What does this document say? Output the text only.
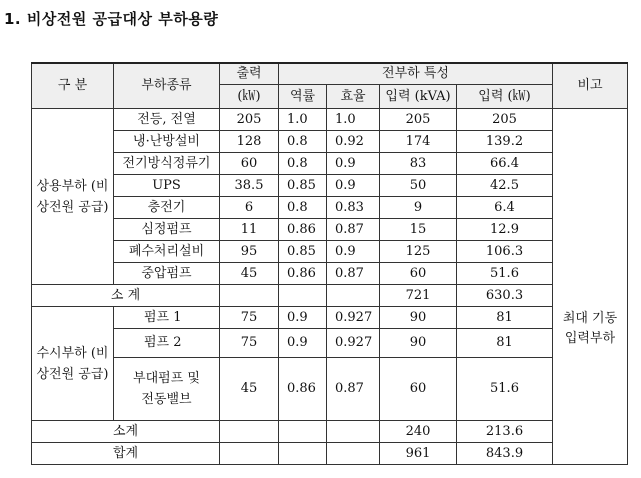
1. 비상전원 공급대상 부하용량
구 분	부하종류	출력	전부하 특성				비고
		(㎾)	역률	효율	입력 (kVA)	입력 (㎾)	
상용부하 (비상전원 공급)	전등, 전열	205	1.0	1.0	205	205	최대 기동 입력부하
	냉·난방설비	128	0.8	0.92	174	139.2	
	전기방식정류기	60	0.8	0.9	83	66.4	
	UPS	38.5	0.85	0.9	50	42.5	
	충전기	6	0.8	0.83	9	6.4	
	심정펌프	11	0.86	0.87	15	12.9	
	폐수처리설비	95	0.85	0.9	125	106.3	
	중압펌프	45	0.86	0.87	60	51.6	
소 계					721	630.3	
수시부하 (비상전원 공급)	펌프 1	75	0.9	0.927	90	81	
	펌프 2	75	0.9	0.927	90	81	
	부대펌프 및 전동밸브	45	0.86	0.87	60	51.6	
소계					240	213.6	
합계					961	843.9	
